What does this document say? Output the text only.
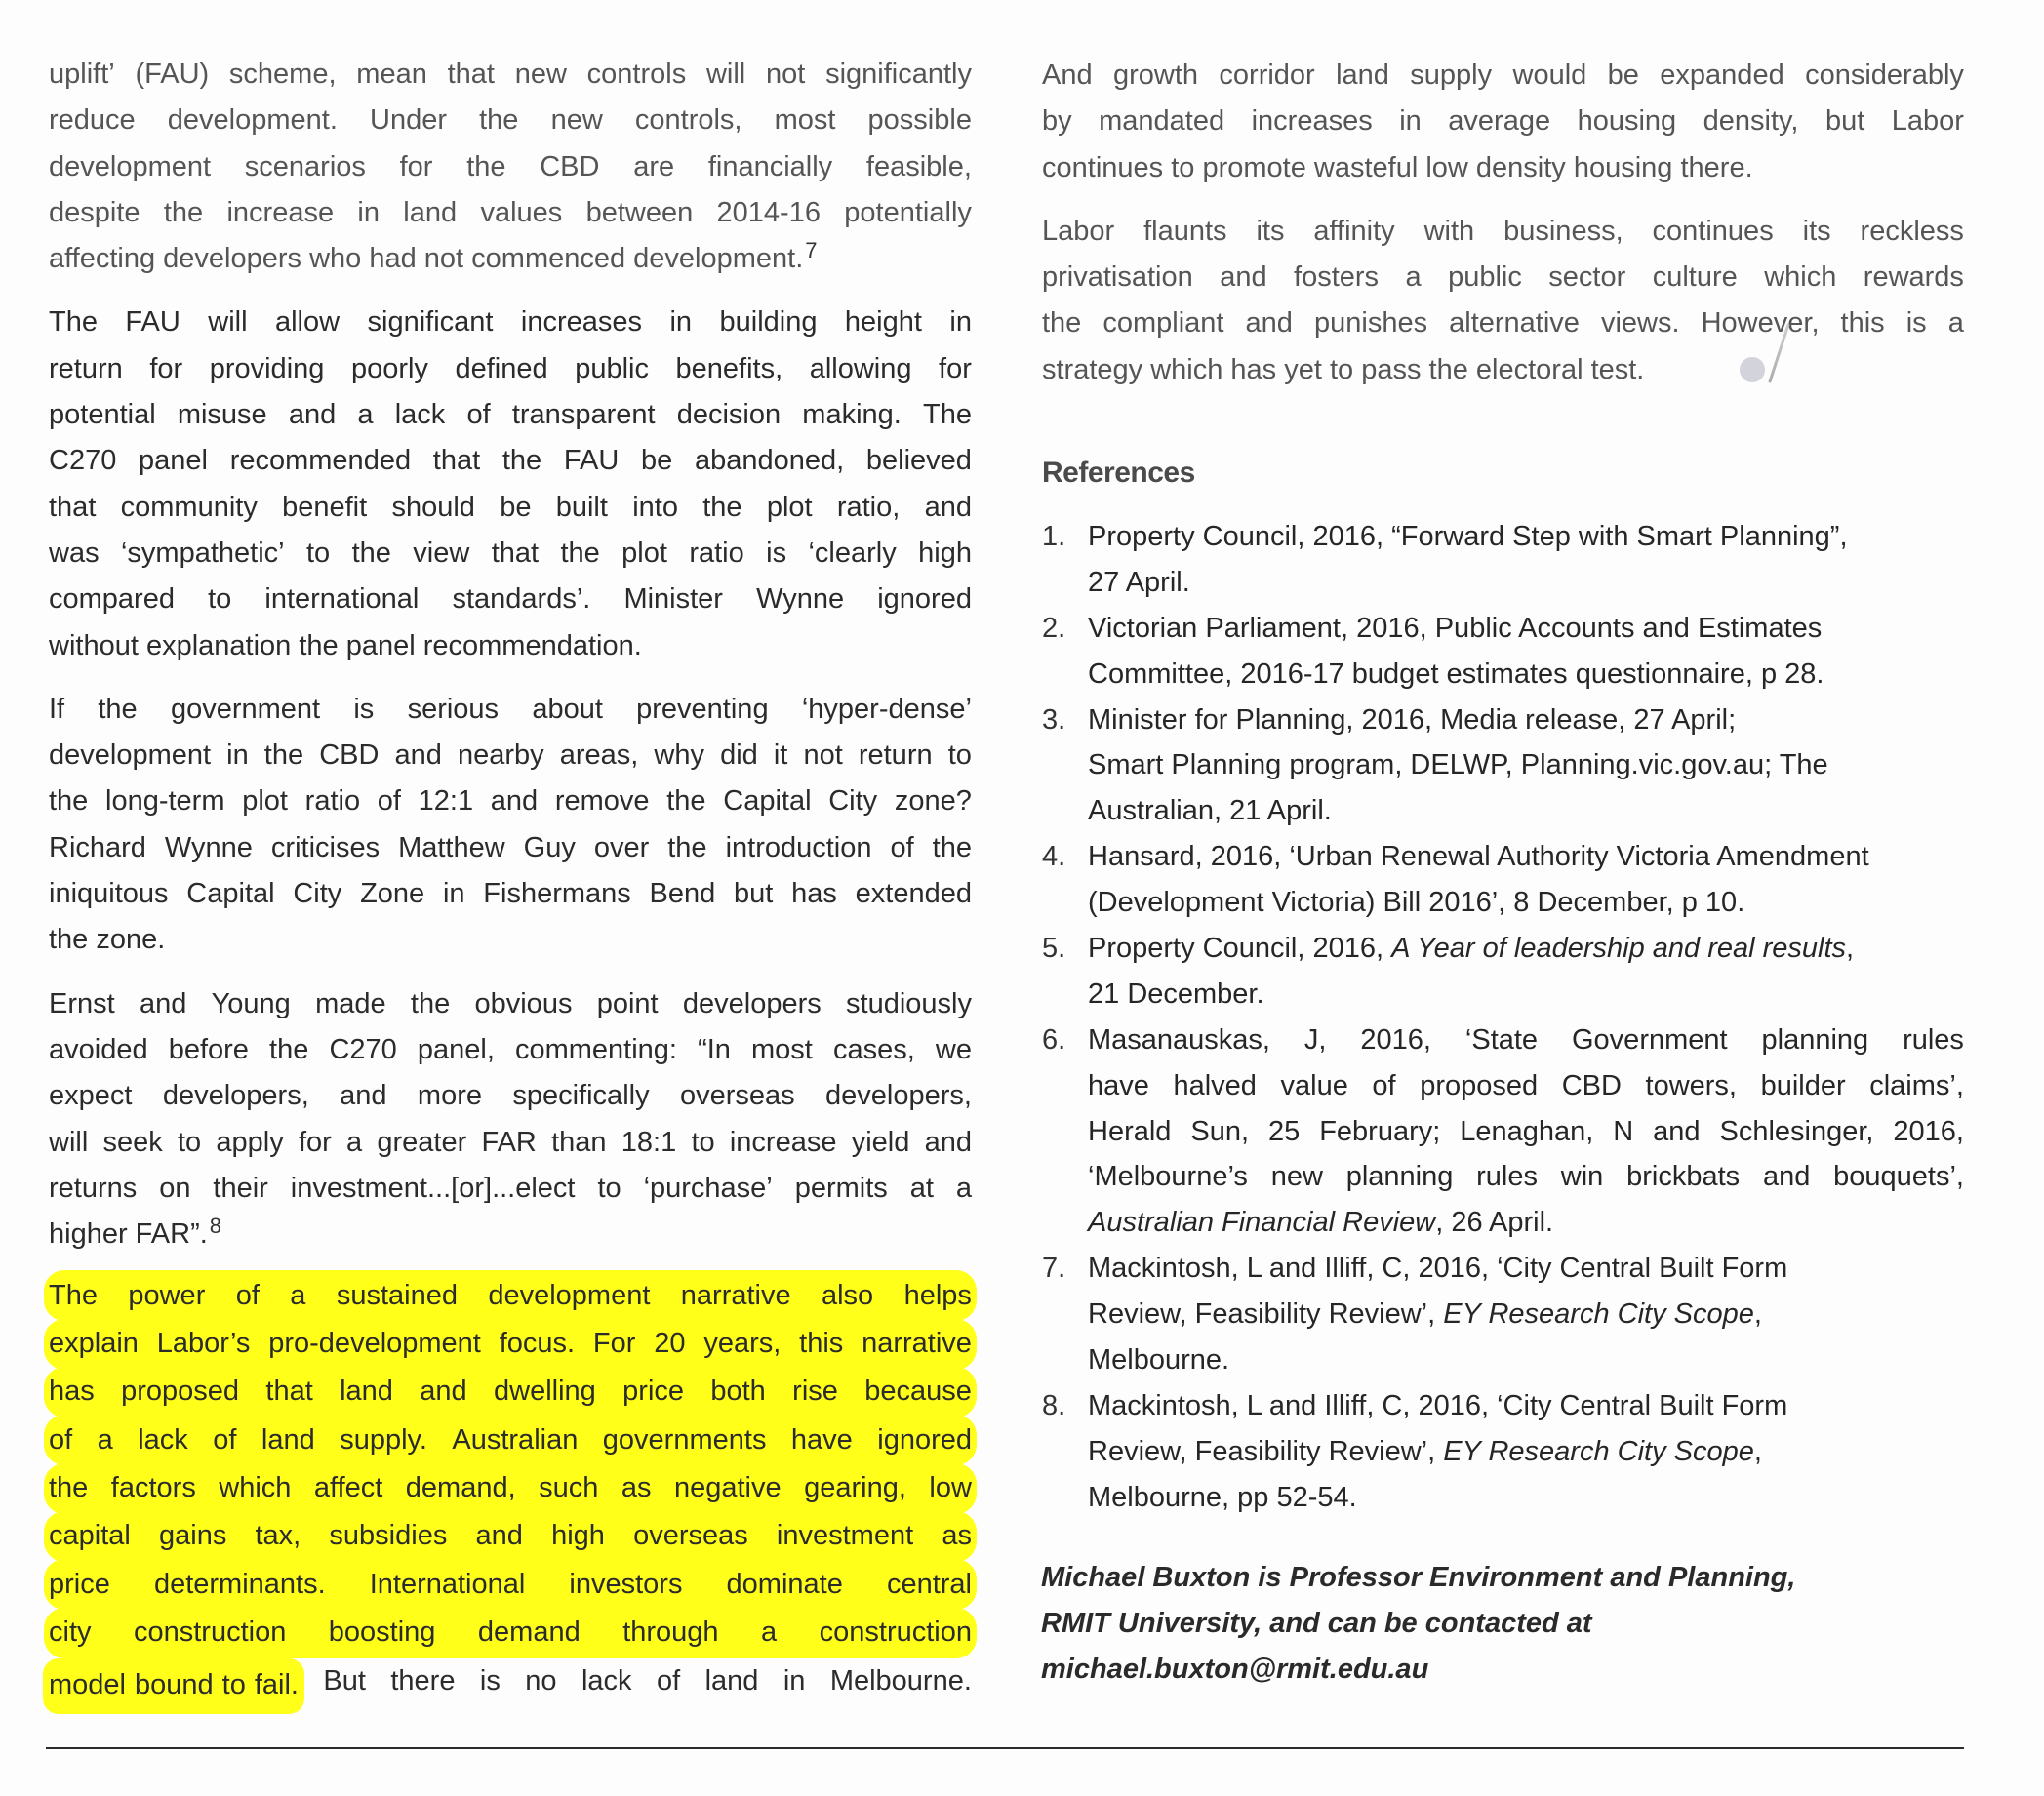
uplift’ (FAU) scheme, mean that new controls will not significantly
reduce development. Under the new controls, most possible
development scenarios for the CBD are financially feasible,
despite the increase in land values between 2014-16 potentially
affecting developers who had not commenced development.$^7$
The FAU will allow significant increases in building height in
return for providing poorly defined public benefits, allowing for
potential misuse and a lack of transparent decision making. The
C270 panel recommended that the FAU be abandoned, believed
that community benefit should be built into the plot ratio, and
was ‘sympathetic’ to the view that the plot ratio is ‘clearly high
compared to international standards’. Minister Wynne ignored
without explanation the panel recommendation.
If the government is serious about preventing ‘hyper-dense’
development in the CBD and nearby areas, why did it not return to
the long-term plot ratio of 12:1 and remove the Capital City zone?
Richard Wynne criticises Matthew Guy over the introduction of the
iniquitous Capital City Zone in Fishermans Bend but has extended
the zone.
Ernst and Young made the obvious point developers studiously
avoided before the C270 panel, commenting: “In most cases, we
expect developers, and more specifically overseas developers,
will seek to apply for a greater FAR than 18:1 to increase yield and
returns on their investment...[or]...elect to ‘purchase’ permits at a
higher FAR”.$^8$
The power of a sustained development narrative also helps
explain Labor’s pro-development focus. For 20 years, this narrative
has proposed that land and dwelling price both rise because
of a lack of land supply. Australian governments have ignored
the factors which affect demand, such as negative gearing, low
capital gains tax, subsidies and high overseas investment as
price determinants. International investors dominate central
city construction boosting demand through a construction
model bound to fail. But there is no lack of land in Melbourne.
And growth corridor land supply would be expanded considerably
by mandated increases in average housing density, but Labor
continues to promote wasteful low density housing there.
Labor flaunts its affinity with business, continues its reckless
privatisation and fosters a public sector culture which rewards
the compliant and punishes alternative views. However, this is a
strategy which has yet to pass the electoral test.
References
1. Property Council, 2016, “Forward Step with Smart Planning”,
27 April.
2. Victorian Parliament, 2016, Public Accounts and Estimates
Committee, 2016-17 budget estimates questionnaire, p 28.
3. Minister for Planning, 2016, Media release, 27 April;
Smart Planning program, DELWP, Planning.vic.gov.au; The
Australian, 21 April.
4. Hansard, 2016, ‘Urban Renewal Authority Victoria Amendment
(Development Victoria) Bill 2016’, 8 December, p 10.
5. Property Council, 2016, A Year of leadership and real results,
21 December.
6. Masanauskas, J, 2016, ‘State Government planning rules
have halved value of proposed CBD towers, builder claims’,
Herald Sun, 25 February; Lenaghan, N and Schlesinger, 2016,
‘Melbourne’s new planning rules win brickbats and bouquets’,
Australian Financial Review, 26 April.
7. Mackintosh, L and Illiff, C, 2016, ‘City Central Built Form
Review, Feasibility Review’, EY Research City Scope,
Melbourne.
8. Mackintosh, L and Illiff, C, 2016, ‘City Central Built Form
Review, Feasibility Review’, EY Research City Scope,
Melbourne, pp 52-54.
Michael Buxton is Professor Environment and Planning,
RMIT University, and can be contacted at
michael.buxton@rmit.edu.au
